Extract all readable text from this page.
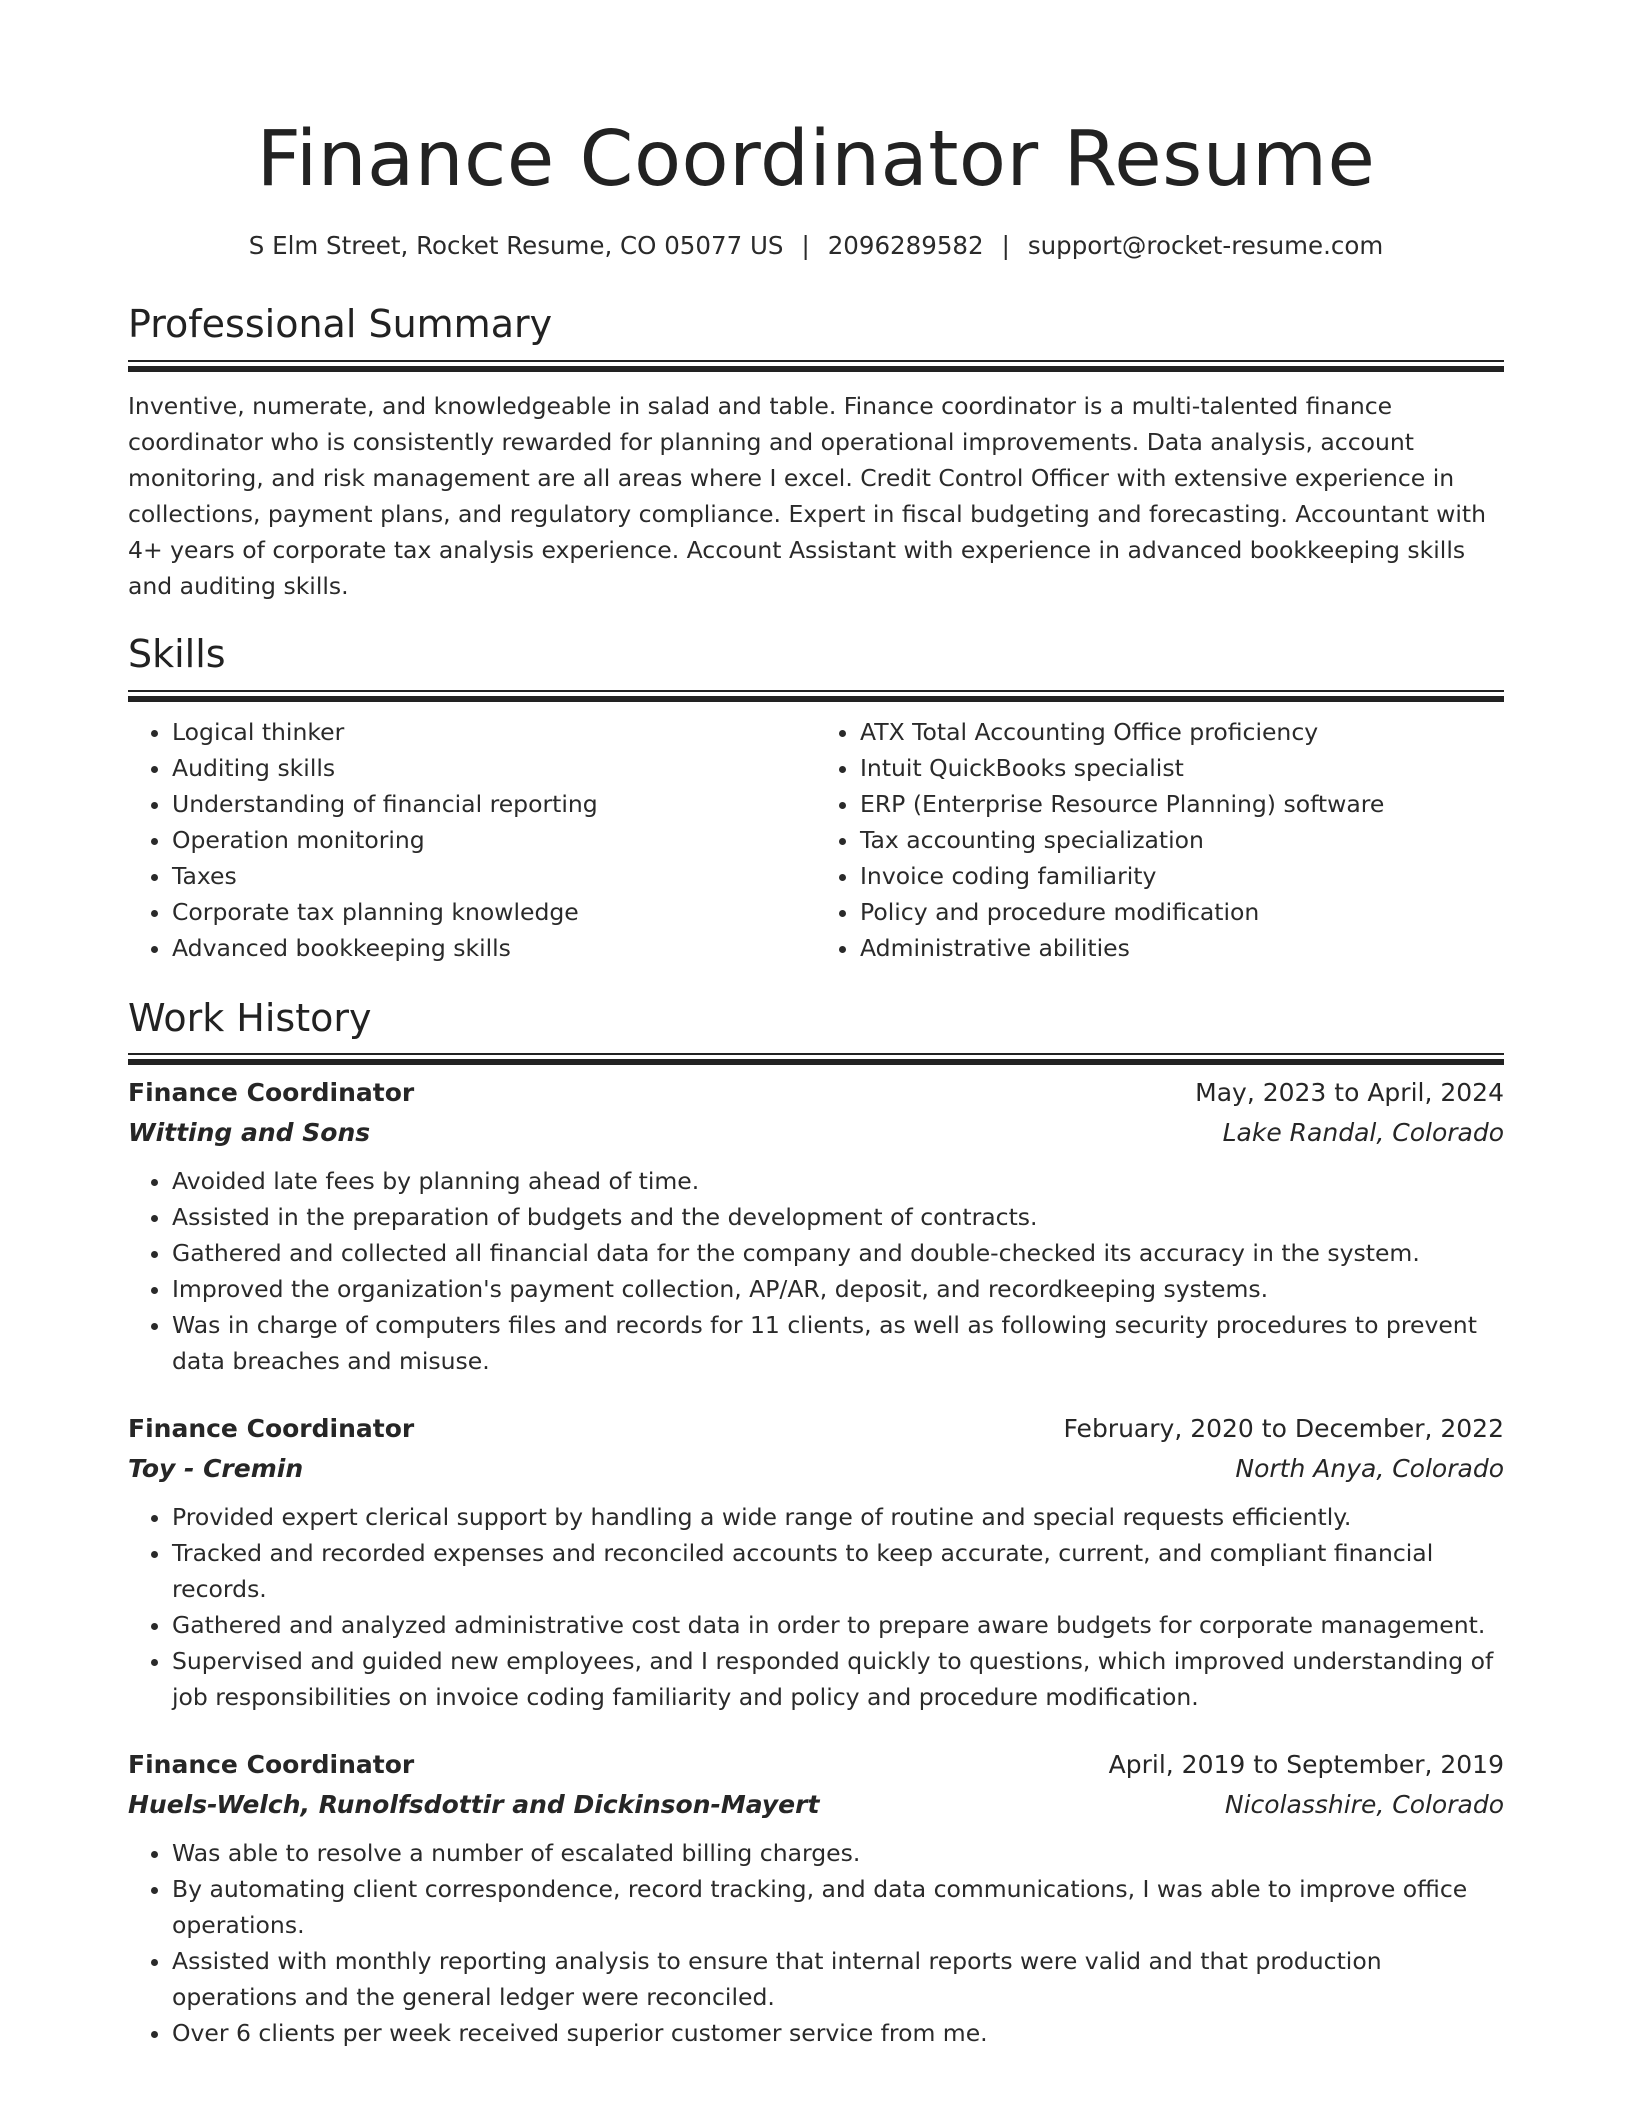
Finance Coordinator Resume
S Elm Street, Rocket Resume, CO 05077 US | 2096289582 | support@rocket-resume.com
Professional Summary

Inventive, numerate, and knowledgeable in salad and table. Finance coordinator is a multi-talented finance coordinator who is consistently rewarded for planning and operational improvements. Data analysis, account monitoring, and risk management are all areas where I excel. Credit Control Officer with extensive experience in collections, payment plans, and regulatory compliance. Expert in fiscal budgeting and forecasting. Accountant with 4+ years of corporate tax analysis experience. Account Assistant with experience in advanced bookkeeping skills and auditing skills.

Skills
• Logical thinker
• Auditing skills
• Understanding of financial reporting
• Operation monitoring
• Taxes
• Corporate tax planning knowledge
• Advanced bookkeeping skills
• ATX Total Accounting Office proficiency
• Intuit QuickBooks specialist
• ERP (Enterprise Resource Planning) software
• Tax accounting specialization
• Invoice coding familiarity
• Policy and procedure modification
• Administrative abilities
Work History
Finance Coordinator	May, 2023 to April, 2024
Witting and Sons	Lake Randal, Colorado
• Avoided late fees by planning ahead of time.
• Assisted in the preparation of budgets and the development of contracts.
• Gathered and collected all financial data for the company and double-checked its accuracy in the system.
• Improved the organization's payment collection, AP/AR, deposit, and recordkeeping systems.
• Was in charge of computers files and records for 11 clients, as well as following security procedures to prevent data breaches and misuse.
Finance Coordinator	February, 2020 to December, 2022
Toy - Cremin	North Anya, Colorado
• Provided expert clerical support by handling a wide range of routine and special requests efficiently.
• Tracked and recorded expenses and reconciled accounts to keep accurate, current, and compliant financial records.
• Gathered and analyzed administrative cost data in order to prepare aware budgets for corporate management.
• Supervised and guided new employees, and I responded quickly to questions, which improved understanding of job responsibilities on invoice coding familiarity and policy and procedure modification.
Finance Coordinator	April, 2019 to September, 2019
Huels-Welch, Runolfsdottir and Dickinson-Mayert	Nicolasshire, Colorado
• Was able to resolve a number of escalated billing charges.
• By automating client correspondence, record tracking, and data communications, I was able to improve office operations.
• Assisted with monthly reporting analysis to ensure that internal reports were valid and that production operations and the general ledger were reconciled.
• Over 6 clients per week received superior customer service from me.
